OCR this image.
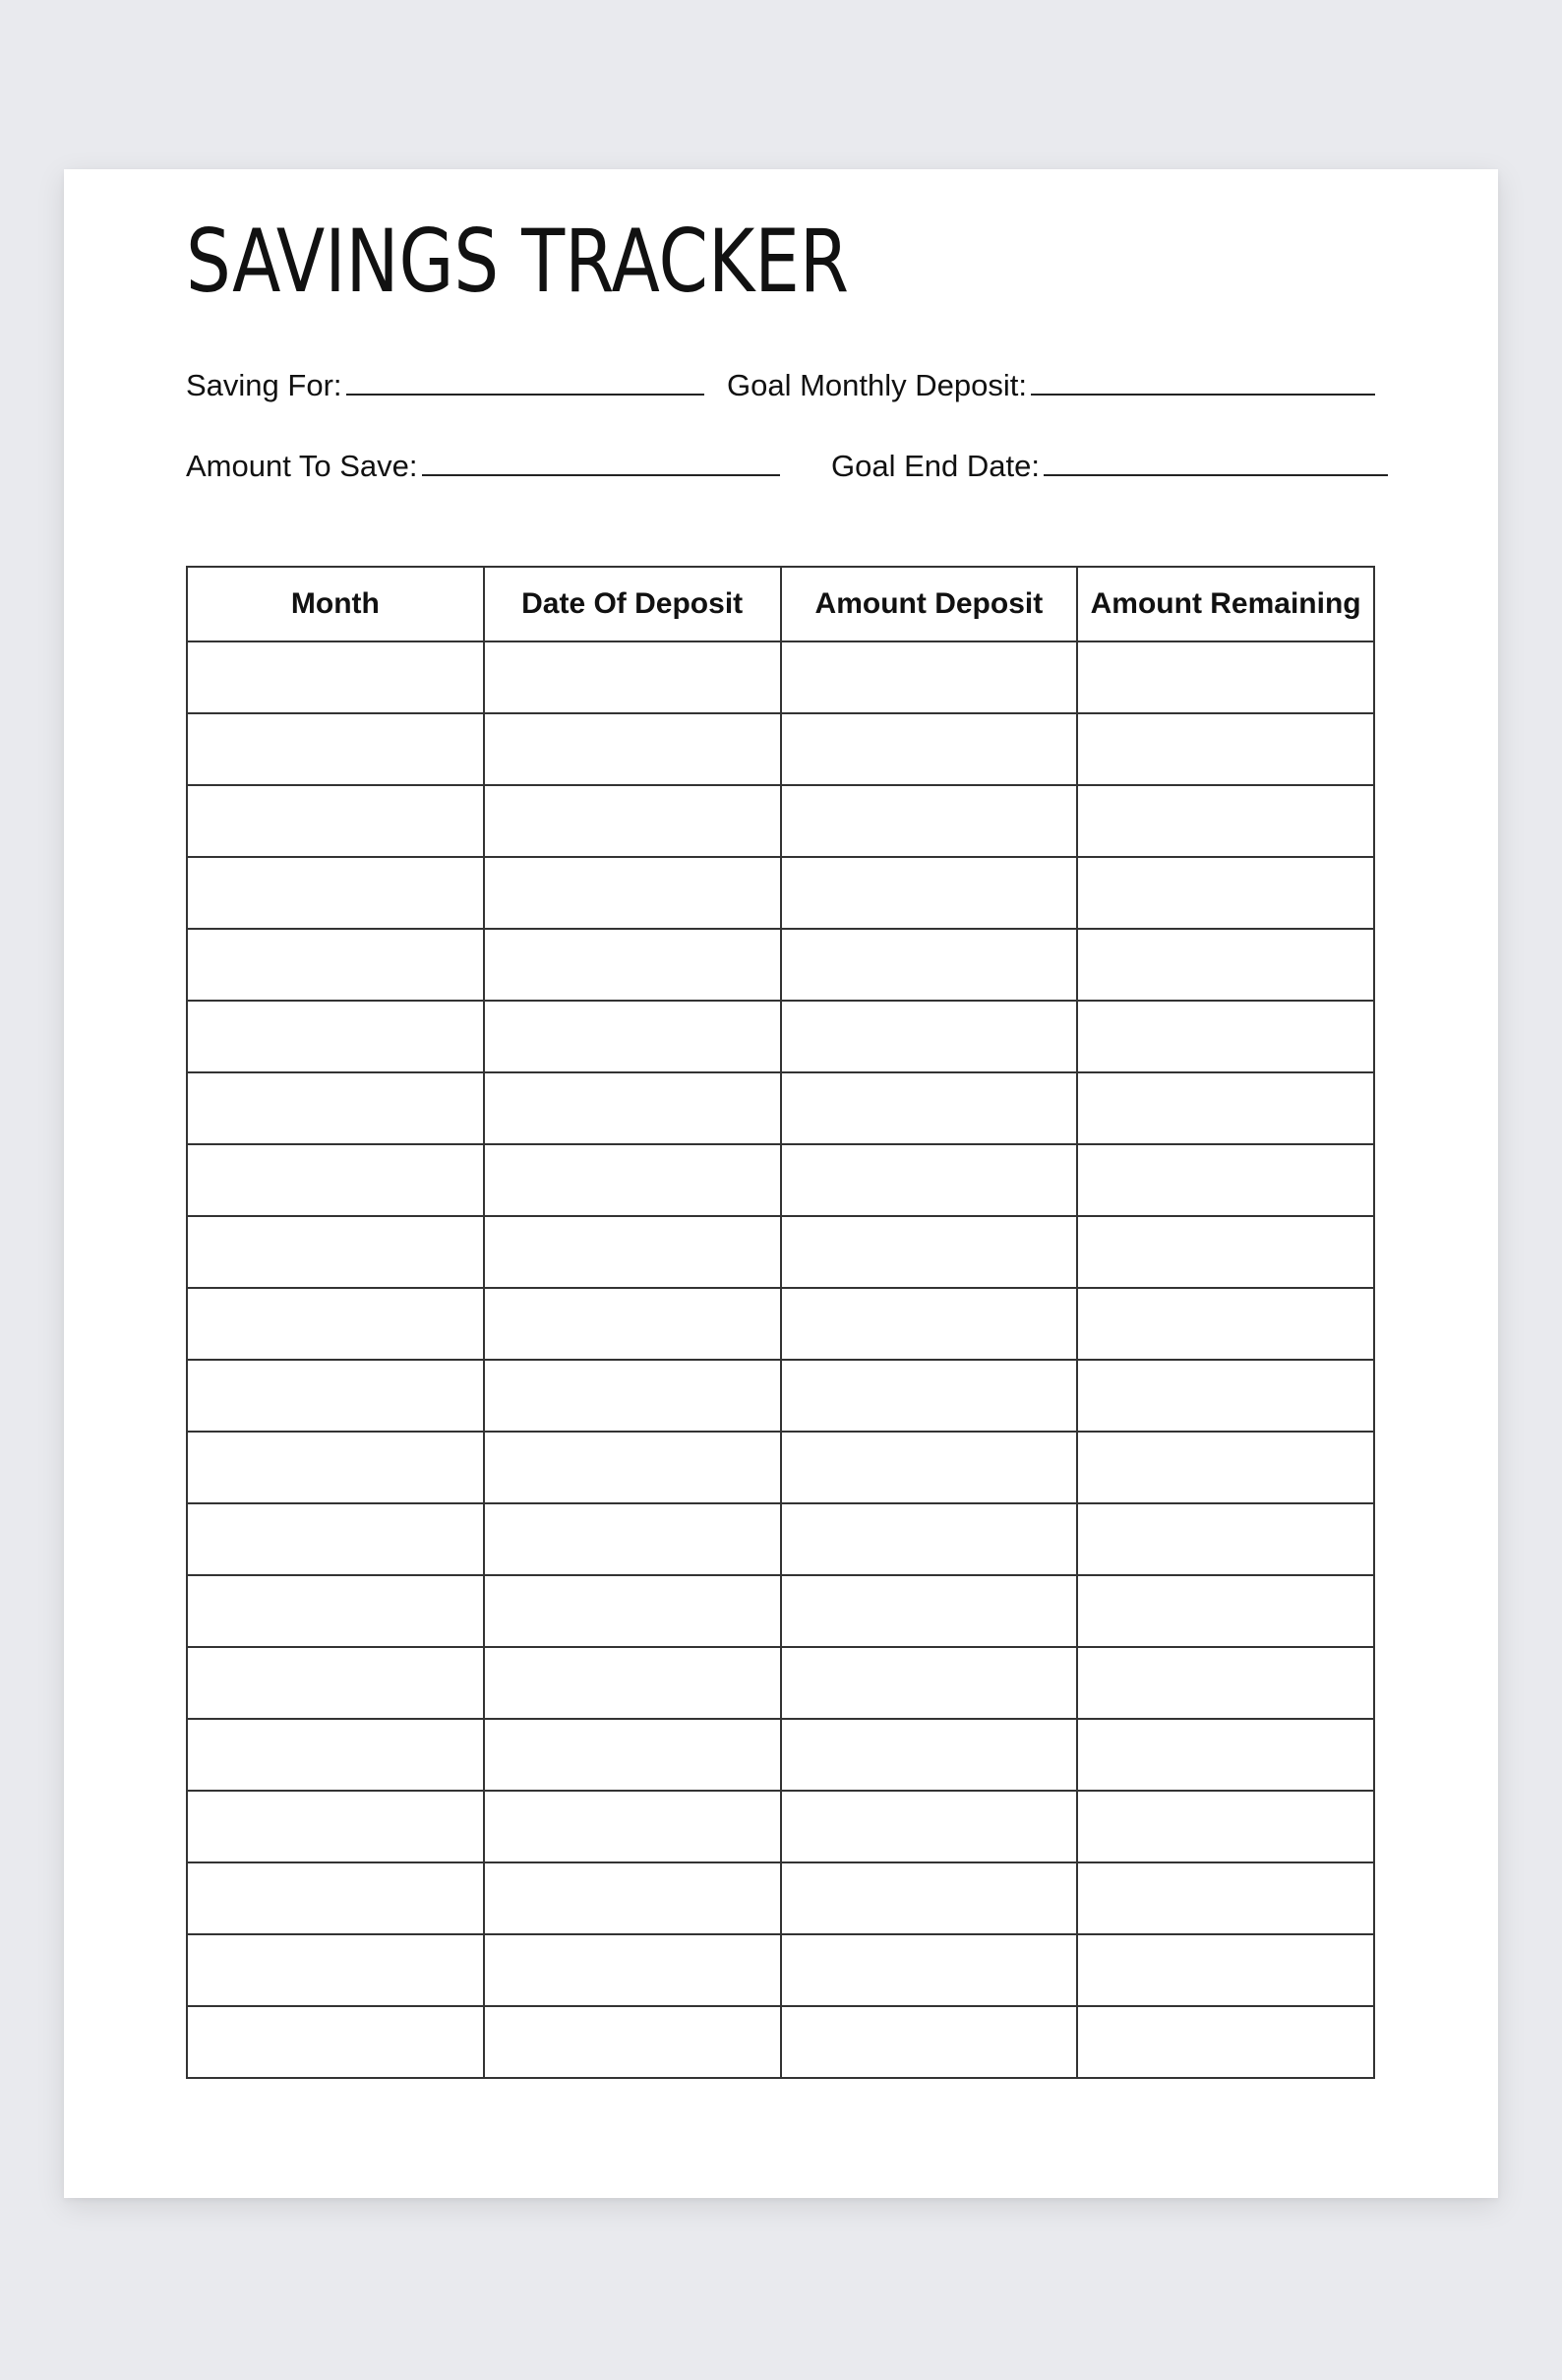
SAVINGS TRACKER
Saving For:	Goal Monthly Deposit:
Amount To Save:	Goal End Date:
Month	Date Of Deposit	Amount Deposit	Amount Remaining
